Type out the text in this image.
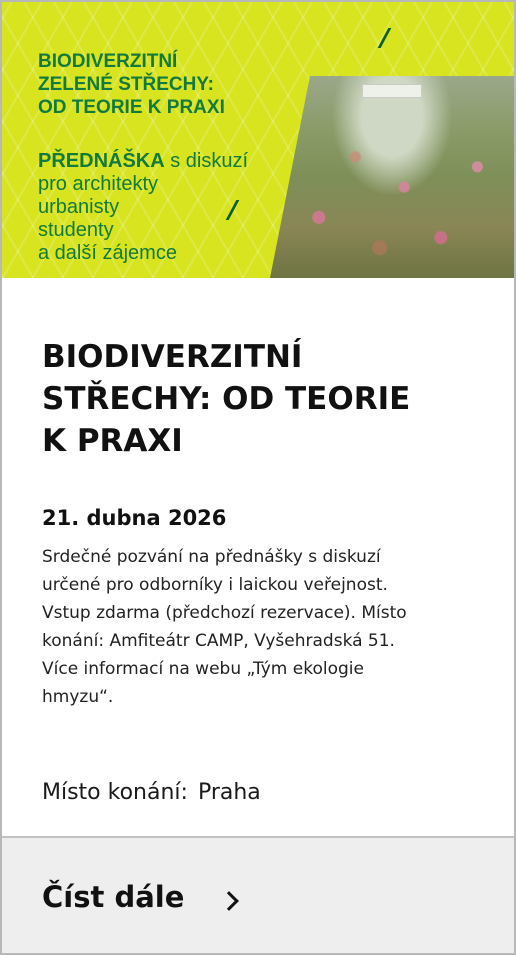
BIODIVERZITNÍ
ZELENÉ STŘECHY:
OD TEORIE K PRAXI
PŘEDNÁŠKA s diskuzí
pro architekty
urbanisty
studenty
a další zájemce
BIODIVERZITNÍ
STŘECHY: OD TEORIE
K PRAXI
21. dubna 2026
Srdečné pozvání na přednášky s diskuzí
určené pro odborníky i laickou veřejnost.
Vstup zdarma (předchozí rezervace). Místo
konání: Amfiteátr CAMP, Vyšehradská 51.
Více informací na webu „Tým ekologie
hmyzu“.
Místo konání: Praha
Číst dále
